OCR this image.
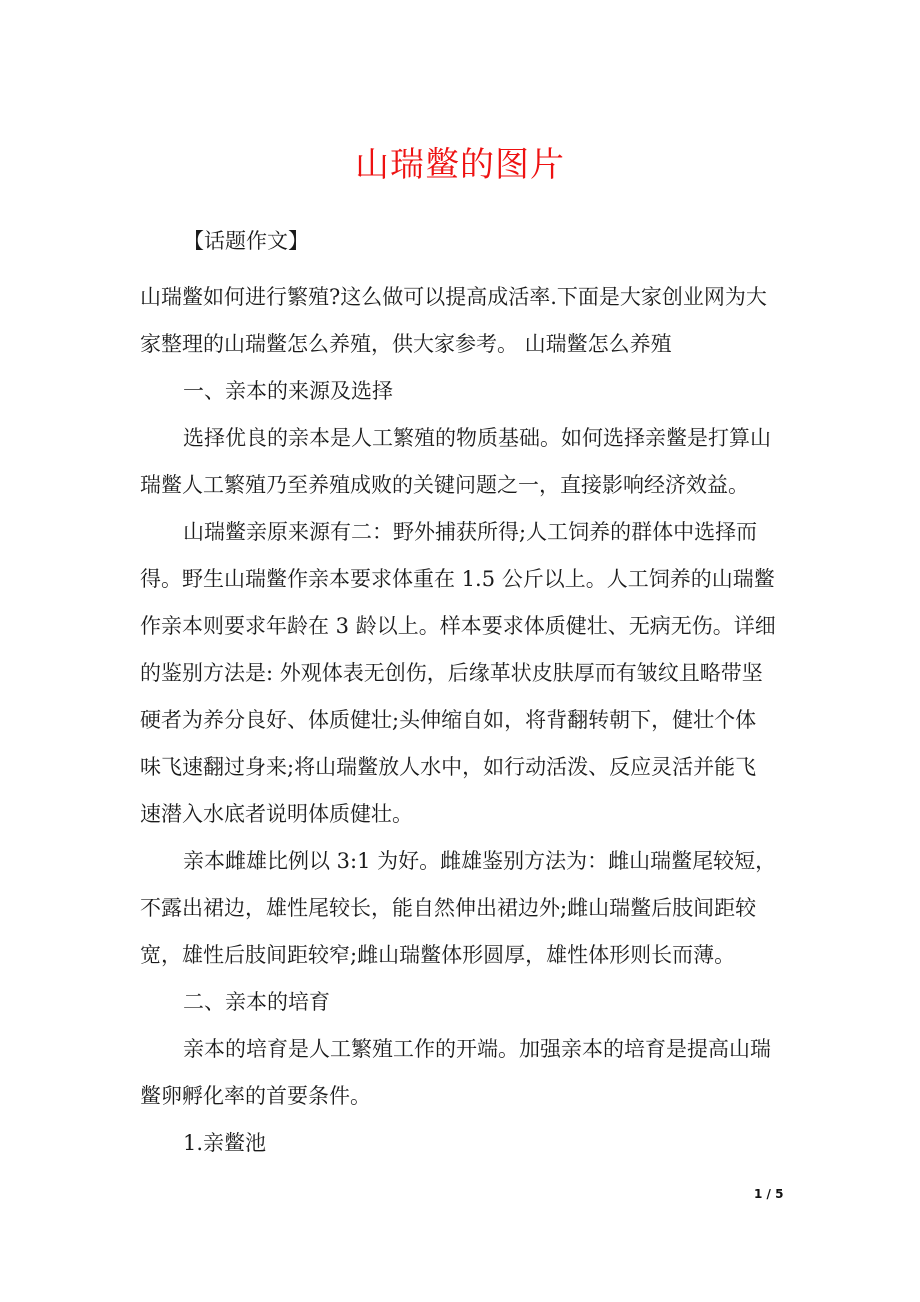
山瑞鳖的图片
【话题作文】
山瑞鳖如何进行繁殖?这么做可以提高成活率.下面是大家创业网为大
家整理的山瑞鳖怎么养殖，供大家参考。 山瑞鳖怎么养殖
一、亲本的来源及选择
选择优良的亲本是人工繁殖的物质基础。如何选择亲鳖是打算山
瑞鳖人工繁殖乃至养殖成败的关键问题之一，直接影响经济效益。
山瑞鳖亲原来源有二：野外捕获所得;人工饲养的群体中选择而
得。野生山瑞鳖作亲本要求体重在 1.5 公斤以上。人工饲养的山瑞鳖
作亲本则要求年龄在 3 龄以上。样本要求体质健壮、无病无伤。详细
的鉴别方法是: 外观体表无创伤，后缘革状皮肤厚而有皱纹且略带坚
硬者为养分良好、体质健壮;头伸缩自如，将背翻转朝下，健壮个体
味飞速翻过身来;将山瑞鳖放人水中，如行动活泼、反应灵活并能飞
速潜入水底者说明体质健壮。
亲本雌雄比例以 3:1 为好。雌雄鉴别方法为：雌山瑞鳖尾较短，
不露出裙边，雄性尾较长，能自然伸出裙边外;雌山瑞鳖后肢间距较
宽，雄性后肢间距较窄;雌山瑞鳖体形圆厚，雄性体形则长而薄。
二、亲本的培育
亲本的培育是人工繁殖工作的开端。加强亲本的培育是提高山瑞
鳖卵孵化率的首要条件。
1.亲鳖池
1 / 5
